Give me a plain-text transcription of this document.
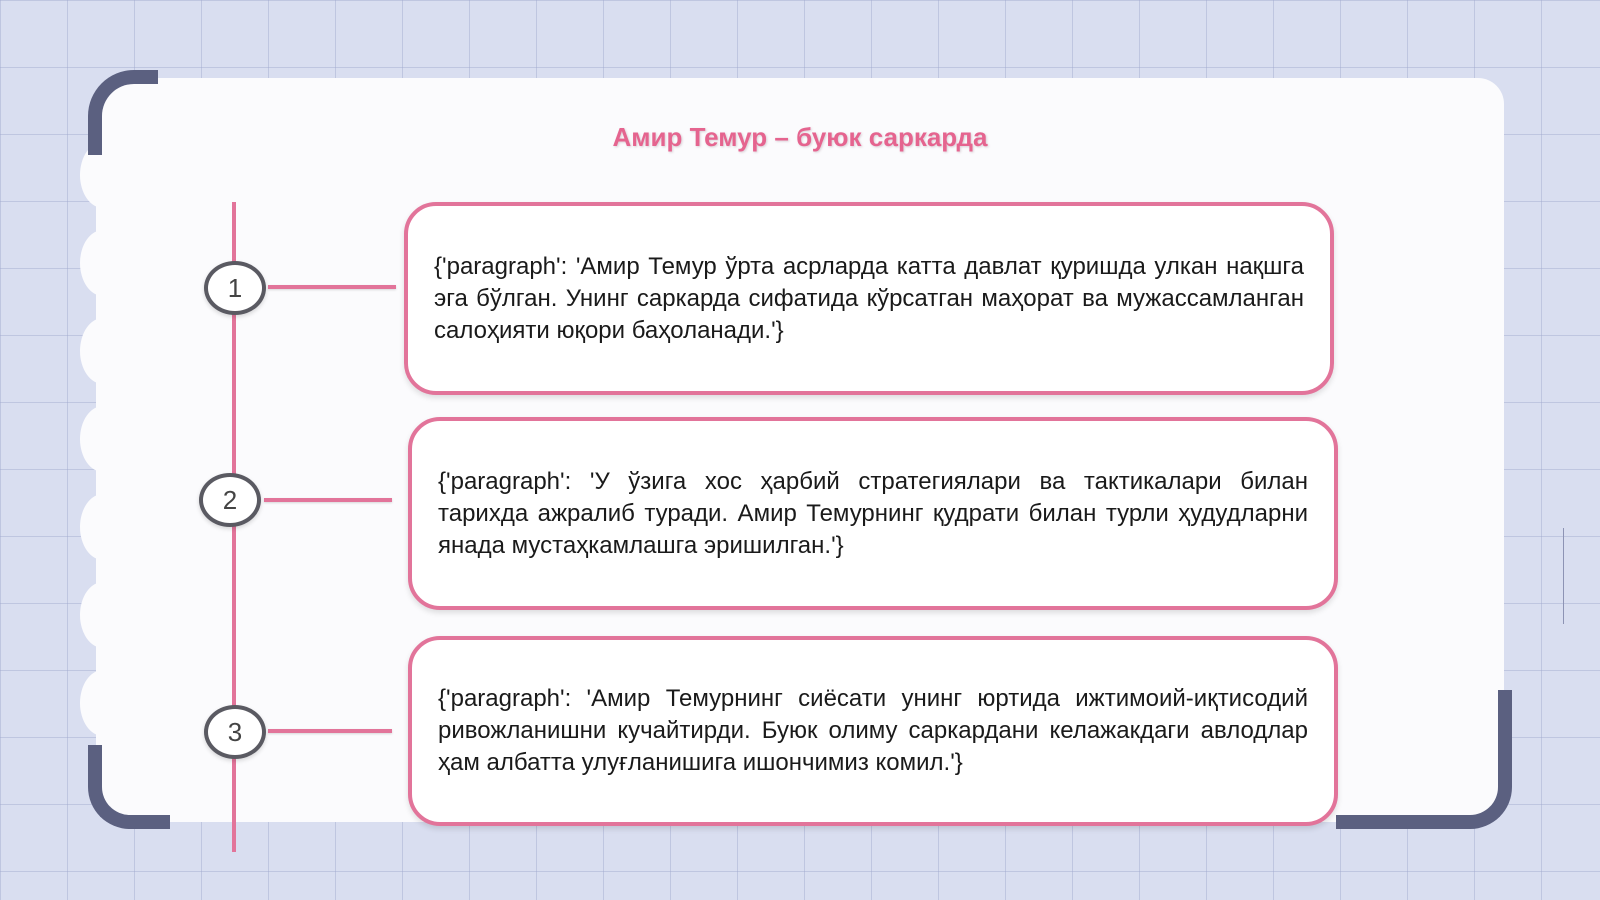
Амир Темур – буюк саркарда
1
2
3

{'paragraph': 'Амир Темур ўрта асрларда катта давлат қуришда улкан нақшга эга бўлган. Унинг саркарда сифатида кўрсатган маҳорат ва мужассамланган салоҳияти юқори баҳоланади.'}

{'paragraph': 'У ўзига хос ҳарбий стратегиялари ва тактикалари билан тарихда ажралиб туради. Амир Темурнинг қудрати билан турли ҳудудларни янада мустаҳкамлашга эришилган.'}

{'paragraph': 'Амир Темурнинг сиёсати унинг юртида ижтимоий-иқтисодий ривожланишни кучайтирди. Буюк олиму саркардани келажакдаги авлодлар ҳам албатта улуғланишига ишончимиз комил.'}
